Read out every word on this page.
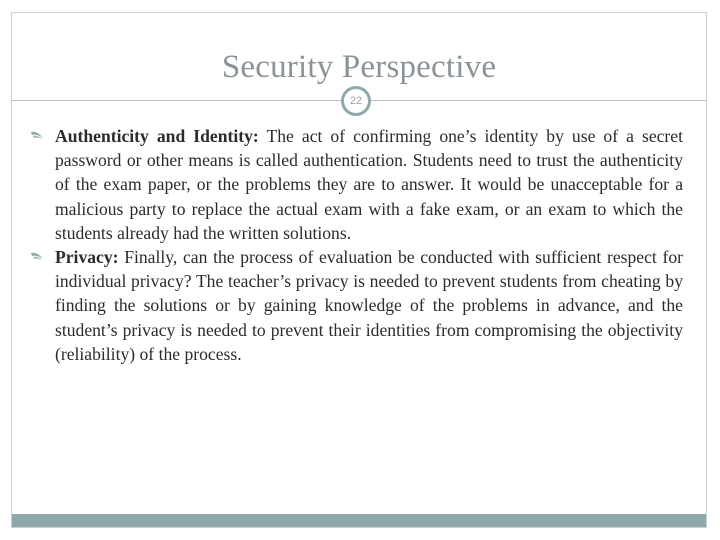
Security Perspective
22

Authenticity and Identity: The act of confirming one’s identity by use of a secret password or other means is called authentication. Students need to trust the authenticity of the exam paper, or the problems they are to answer. It would be unacceptable for a malicious party to replace the actual exam with a fake exam, or an exam to which the students already had the written solutions.

Privacy: Finally, can the process of evaluation be conducted with sufficient respect for individual privacy? The teacher’s privacy is needed to prevent students from cheating by finding the solutions or by gaining knowledge of the problems in advance, and the student’s privacy is needed to prevent their identities from compromising the objectivity (reliability) of the process.
